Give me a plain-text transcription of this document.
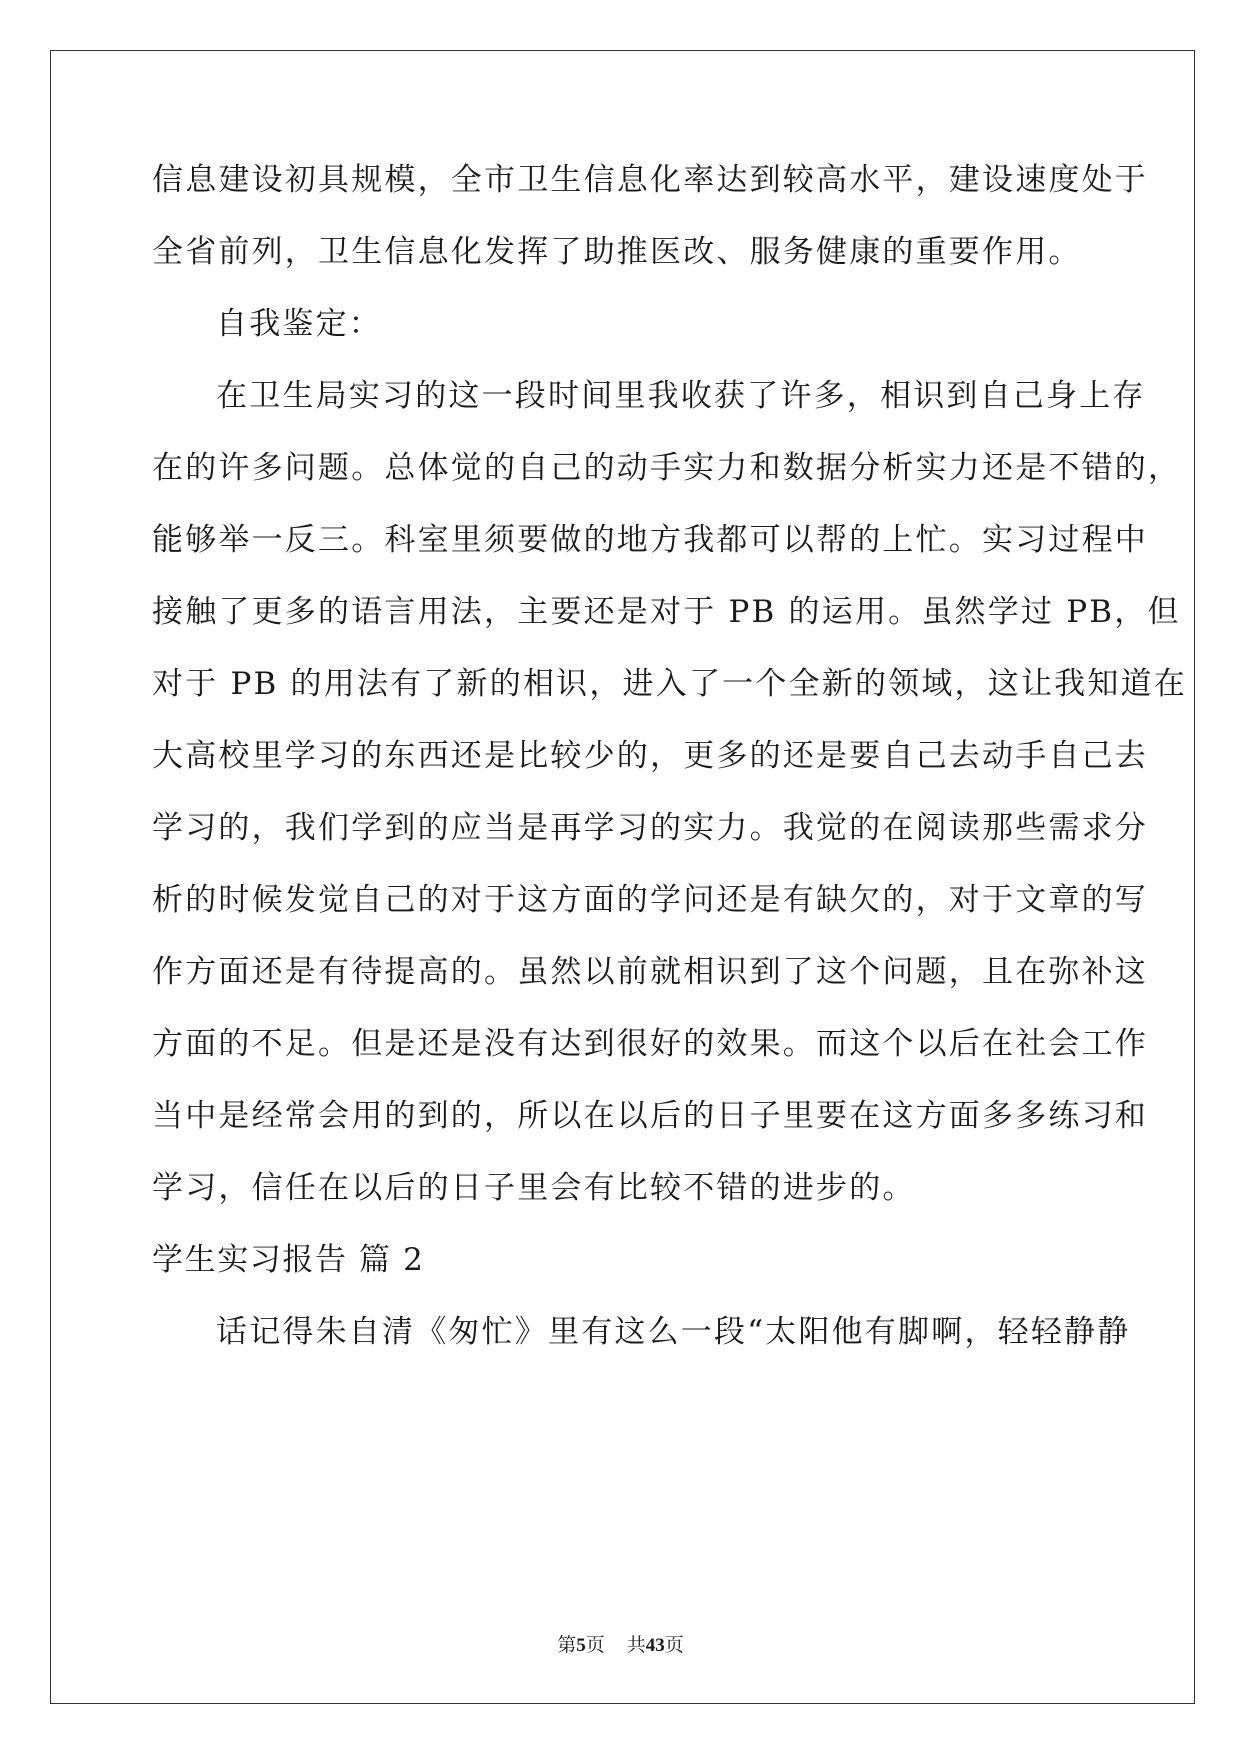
信息建设初具规模，全市卫生信息化率达到较高水平，建设速度处于
全省前列，卫生信息化发挥了助推医改、服务健康的重要作用。
自我鉴定：
在卫生局实习的这一段时间里我收获了许多，相识到自己身上存
在的许多问题。总体觉的自己的动手实力和数据分析实力还是不错的，
能够举一反三。科室里须要做的地方我都可以帮的上忙。实习过程中
接触了更多的语言用法，主要还是对于 PB 的运用。虽然学过 PB，但
对于 PB 的用法有了新的相识，进入了一个全新的领域，这让我知道在
大高校里学习的东西还是比较少的，更多的还是要自己去动手自己去
学习的，我们学到的应当是再学习的实力。我觉的在阅读那些需求分
析的时候发觉自己的对于这方面的学问还是有缺欠的，对于文章的写
作方面还是有待提高的。虽然以前就相识到了这个问题，且在弥补这
方面的不足。但是还是没有达到很好的效果。而这个以后在社会工作
当中是经常会用的到的，所以在以后的日子里要在这方面多多练习和
学习，信任在以后的日子里会有比较不错的进步的。
学生实习报告 篇 2
话记得朱自清《匆忙》里有这么一段“太阳他有脚啊，轻轻静静
第5页 共43页
